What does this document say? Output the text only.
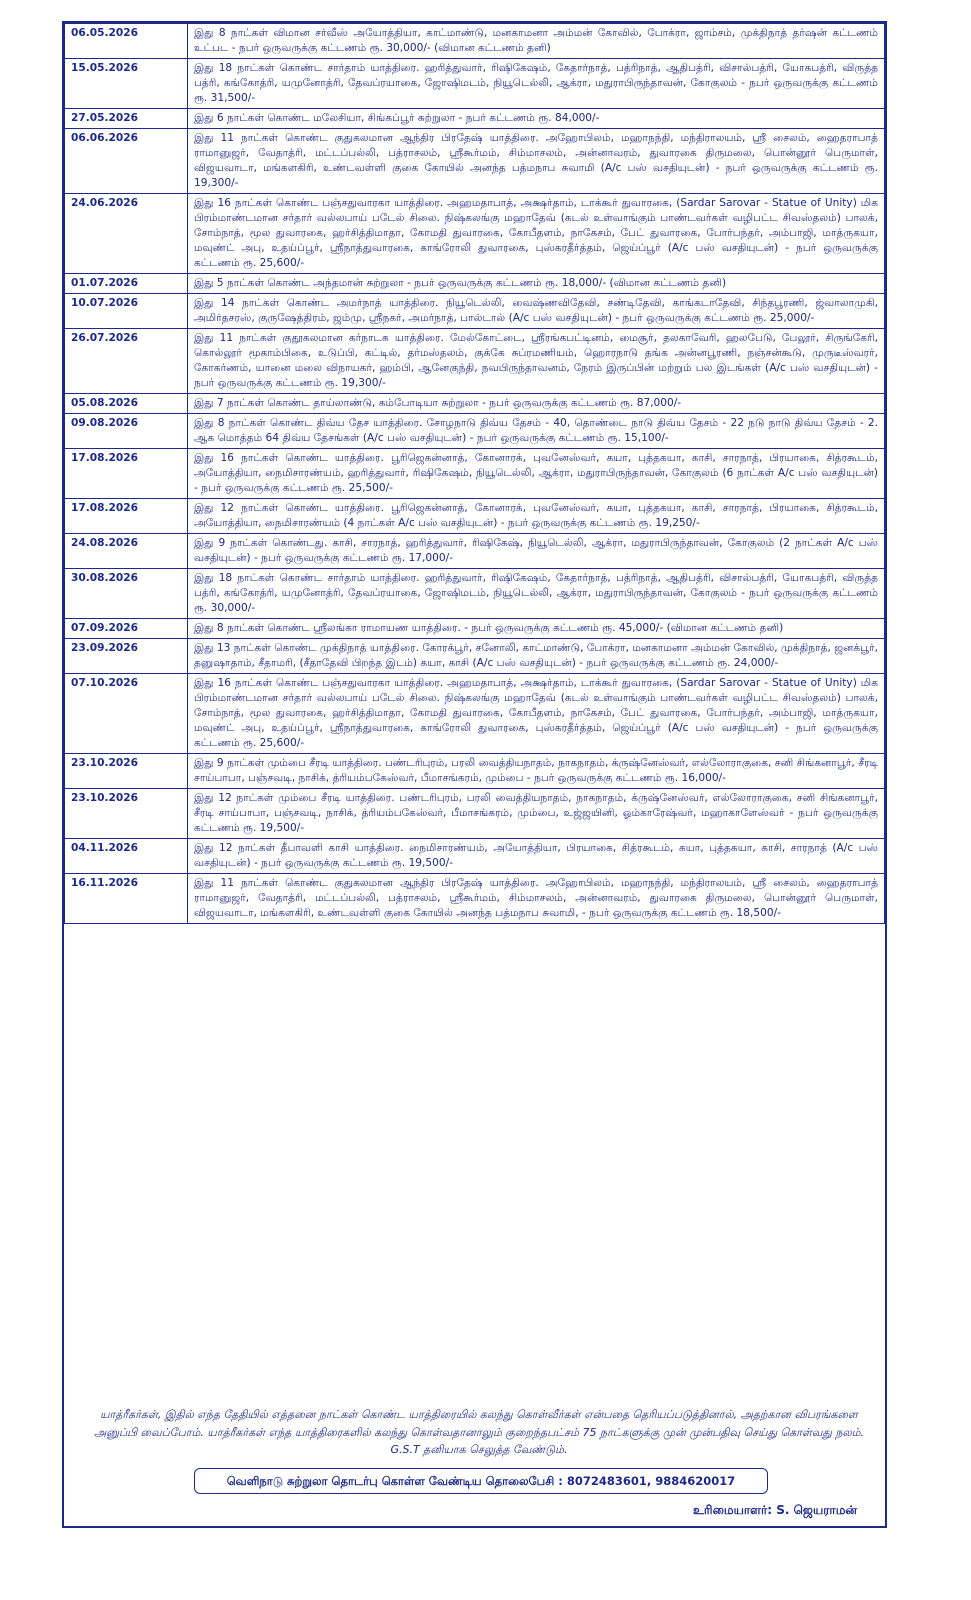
06.05.2026	இது 8 நாட்கள் விமான சர்வீஸ் அயோத்தியா, காட்மாண்டு, மனகாமனா அம்மன் கோவில், போக்ரா, ஜாம்சம், முக்திநாத் தர்ஷன் கட்டணம் உட்பட - நபர் ஒருவருக்கு கட்டணம் ரூ. 30,000/- (விமான கட்டணம் தனி)
15.05.2026	இது 18 நாட்கள் கொண்ட சார்தாம் யாத்திரை. ஹரித்துவார், ரிஷிகேஷம், கேதார்நாத், பத்ரிநாத், ஆதிபத்ரி, விசால்பத்ரி, யோகபத்ரி, விருத்த பத்ரி, கங்கோத்ரி, யமுனோத்ரி, தேவப்ரயாகை, ஜோஷிமடம், நியூடெல்லி, ஆக்ரா, மதுராபிருந்தாவன், கோகுலம் - நபர் ஒருவருக்கு கட்டணம் ரூ. 31,500/-
27.05.2026	இது 6 நாட்கள் கொண்ட மலேசியா, சிங்கப்பூர் சுற்றுலா - நபர் கட்டணம் ரூ. 84,000/-
06.06.2026	இது 11 நாட்கள் கொண்ட குதுகலமான ஆந்திர பிரதேஷ் யாத்திரை. அஹோபிலம், மஹாநந்தி, மந்திராலயம், ஸ்ரீ சைலம், ஹைதராபாத் ராமானுஜர், வேதாத்ரி, மட்டப்பல்லி, பத்ராசலம், ஸ்ரீகூர்மம், சிம்மாசலம், அன்னாவரம், துவாரகை திருமலை, பொன்னூர் பெருமாள், விஜயவாடா, மங்களகிரி, உண்டவள்ளி குகை கோயில் அனந்த பத்மநாப சுவாமி (A/c பஸ் வசதியுடன்) - நபர் ஒருவருக்கு கட்டணம் ரூ. 19,300/-
24.06.2026	இது 16 நாட்கள் கொண்ட பஞ்சதுவாரகா யாத்திரை. அஹமதாபாத், அக்ஷர்தாம், டாக்கூர் துவாரகை, (Sardar Sarovar - Statue of Unity) மிக பிரம்மாண்டமான சர்தார் வல்லபாய் படேல் சிலை. நிஷ்கலங்கு மஹாதேவ் (கடல் உள்வாங்கும் பாண்டவர்கள் வழிபட்ட சிவஸ்தலம்) பாலக், சோம்நாத், மூல துவாரகை, ஹர்சித்திமாதா, கோமதி துவாரகை, கோபீதளம், நாகேசம், பேட் துவாரகை, போர்பந்தர், அம்பாஜி, மாத்ருகயா, மவுண்ட் அபு, உதய்ப்பூர், ஸ்ரீநாத்துவாரகை, காங்ரோலி துவாரகை, புஸ்கரதீர்த்தம், ஜெய்ப்பூர் (A/c பஸ் வசதியுடன்) - நபர் ஒருவருக்கு கட்டணம் ரூ. 25,600/-
01.07.2026	இது 5 நாட்கள் கொண்ட அந்தமான் சுற்றுலா - நபர் ஒருவருக்கு கட்டணம் ரூ. 18,000/- (விமான கட்டணம் தனி)
10.07.2026	இது 14 நாட்கள் கொண்ட அமர்நாத் யாத்திரை. நியூடெல்லி, வைஷ்ணவிதேவி, சண்டிதேவி, காங்கடாதேவி, சிந்தபூரணி, ஜ்வாலாமுகி, அமிர்தசரஸ், குருஷேத்திரம், ஜம்மு, ஸ்ரீநகர், அமர்நாத், பால்டால் (A/c பஸ் வசதியுடன்) - நபர் ஒருவருக்கு கட்டணம் ரூ. 25,000/-
26.07.2026	இது 11 நாட்கள் குதூகலமான கர்நாடக யாத்திரை. மேல்கோட்டை, ஸ்ரீரங்கபட்டினம், மைசூர், தலகாவேரி, ஹலபேடு, பேலூர், சிருங்கேரி, கொல்லூர் மூகாம்பிகை, உடுப்பி, கட்டில், தர்மஸ்தலம், குக்கே சுப்ரமணியம், ஹொரநாடு தங்க அன்னபூரணி, நஞ்சன்கூடு, முருடீஸ்வரர், கோகர்ணம், யானை மலை விநாயகர், ஹம்பி, ஆனேகுந்தி, நவபிருந்தாவனம், நேரம் இருப்பின் மற்றும் பல இடங்கள் (A/c பஸ் வசதியுடன்) - நபர் ஒருவருக்கு கட்டணம் ரூ. 19,300/-
05.08.2026	இது 7 நாட்கள் கொண்ட தாய்லாண்டு, கம்போடியா சுற்றுலா - நபர் ஒருவருக்கு கட்டணம் ரூ. 87,000/-
09.08.2026	இது 8 நாட்கள் கொண்ட திவ்ய தேச யாத்திரை. சோழநாடு திவ்ய தேசம் - 40, தொண்டை நாடு திவ்ய தேசம் - 22 நடு நாடு திவ்ய தேசம் - 2. ஆக மொத்தம் 64 திவ்ய தேசங்கள் (A/c பஸ் வசதியுடன்) - நபர் ஒருவருக்கு கட்டணம் ரூ. 15,100/-
17.08.2026	இது 16 நாட்கள் கொண்ட யாத்திரை. பூரிஜெகன்னாத், கோனாரக், புவனேஸ்வர், கயா, புத்தகயா, காசி, சாரநாத், பிரயாகை, சித்ரகூடம், அயோத்தியா, நைமிசாரண்யம், ஹரித்துவார், ரிஷிகேஷம், நியூடெல்லி, ஆக்ரா, மதுராபிருந்தாவன், கோகுலம் (6 நாட்கள் A/c பஸ் வசதியுடன்) - நபர் ஒருவருக்கு கட்டணம் ரூ. 25,500/-
17.08.2026	இது 12 நாட்கள் கொண்ட யாத்திரை. பூரிஜெகன்னாத், கோனாரக், புவனேஸ்வர், கயா, புத்தகயா, காசி, சாரநாத், பிரயாகை, சித்ரகூடம், அயோத்தியா, நைமிசாரண்யம் (4 நாட்கள் A/c பஸ் வசதியுடன்) - நபர் ஒருவருக்கு கட்டணம் ரூ. 19,250/-
24.08.2026	இது 9 நாட்கள் கொண்டது. காசி, சாரநாத், ஹரித்துவார், ரிஷிகேஷ், நியூடெல்லி, ஆக்ரா, மதுராபிருந்தாவன், கோகுலம் (2 நாட்கள் A/c பஸ் வசதியுடன்) - நபர் ஒருவருக்கு கட்டணம் ரூ. 17,000/-
30.08.2026	இது 18 நாட்கள் கொண்ட சார்தாம் யாத்திரை. ஹரித்துவார், ரிஷிகேஷம், கேதார்நாத், பத்ரிநாத், ஆதிபத்ரி, விசால்பத்ரி, யோகபத்ரி, விருத்த பத்ரி, கங்கோத்ரி, யமுனோத்ரி, தேவப்ரயாகை, ஜோஷிமடம், நியூடெல்லி, ஆக்ரா, மதுராபிருந்தாவன், கோகுலம் - நபர் ஒருவருக்கு கட்டணம் ரூ. 30,000/-
07.09.2026	இது 8 நாட்கள் கொண்ட ஸ்ரீலங்கா ராமாயண யாத்திரை. - நபர் ஒருவருக்கு கட்டணம் ரூ. 45,000/- (விமான கட்டணம் தனி)
23.09.2026	இது 13 நாட்கள் கொண்ட முக்திநாத் யாத்திரை. கோரக்பூர், சனோலி, காட்மாண்டு, போக்ரா, மனகாமனா அம்மன் கோவில், முக்திநாத், ஜனக்பூர், தனுஷாதாம், சீதாமரி, (சீதாதேவி பிறந்த இடம்) கயா, காசி (A/c பஸ் வசதியுடன்) - நபர் ஒருவருக்கு கட்டணம் ரூ. 24,000/-
07.10.2026	இது 16 நாட்கள் கொண்ட பஞ்சதுவாரகா யாத்திரை. அஹமதாபாத், அக்ஷர்தாம், டாக்கூர் துவாரகை, (Sardar Sarovar - Statue of Unity) மிக பிரம்மாண்டமான சர்தார் வல்லபாய் படேல் சிலை. நிஷ்கலங்கு மஹாதேவ் (கடல் உள்வாங்கும் பாண்டவர்கள் வழிபட்ட சிவஸ்தலம்) பாலக், சோம்நாத், மூல துவாரகை, ஹர்சித்திமாதா, கோமதி துவாரகை, கோபீதளம், நாகேசம், பேட் துவாரகை, போர்பந்தர், அம்பாஜி, மாத்ருகயா, மவுண்ட் அபு, உதய்ப்பூர், ஸ்ரீநாத்துவாரகை, காங்ரோலி துவாரகை, புஸ்கரதீர்த்தம், ஜெய்ப்பூர் (A/c பஸ் வசதியுடன்) - நபர் ஒருவருக்கு கட்டணம் ரூ. 25,600/-
23.10.2026	இது 9 நாட்கள் மும்பை சீரடி யாத்திரை. பண்டரிபுரம், பரலி வைத்தியநாதம், நாகநாதம், க்ருஷ்னேஸ்வர், எல்லோராகுகை, சனி சிங்கனாபூர், சீரடி சாய்பாபா, பஞ்சவடி, நாசிக், த்ரியம்பகேஸ்வர், பீமாசங்கரம், மும்பை - நபர் ஒருவருக்கு கட்டணம் ரூ. 16,000/-
23.10.2026	இது 12 நாட்கள் மும்பை சீரடி யாத்திரை. பண்டரிபுரம், பரலி வைத்தியநாதம், நாகநாதம், க்ருஷ்னேஸ்வர், எல்லோராகுகை, சனி சிங்கனாபூர், சீரடி சாய்பாபா, பஞ்சவடி, நாசிக், த்ரியம்பகேஸ்வர், பீமாசங்கரம், மும்பை, உஜ்ஜயினி, ஓம்காரேஷ்வர், மஹாகாளேஸ்வர் - நபர் ஒருவருக்கு கட்டணம் ரூ. 19,500/-
04.11.2026	இது 12 நாட்கள் தீபாவளி காசி யாத்திரை. நைமிசாரண்யம், அயோத்தியா, பிரயாகை, சித்ரகூடம், கயா, புத்தகயா, காசி, சாரநாத் (A/c பஸ் வசதியுடன்) - நபர் ஒருவருக்கு கட்டணம் ரூ. 19,500/-
16.11.2026	இது 11 நாட்கள் கொண்ட குதுகலமான ஆந்திர பிரதேஷ் யாத்திரை. அஹோபிலம், மஹாநந்தி, மந்திராலயம், ஸ்ரீ சைலம், ஹைதராபாத் ராமானுஜர், வேதாத்ரி, மட்டப்பல்லி, பத்ராசலம், ஸ்ரீகூர்மம், சிம்மாசலம், அன்னாவரம், துவாரகை திருமலை, பொன்னூர் பெருமாள், விஜயவாடா, மங்களகிரி, உண்டவள்ளி குகை கோயில் அனந்த பத்மநாப சுவாமி, - நபர் ஒருவருக்கு கட்டணம் ரூ. 18,500/-
யாத்ரீகர்கள், இதில் எந்த தேதியில் எத்தனை நாட்கள் கொண்ட யாத்திரையில் கலந்து கொள்வீர்கள் என்பதை தெரியப்படுத்தினால், அதற்கான விபரங்களை அனுப்பி வைப்போம். யாத்ரீகர்கள் எந்த யாத்திரைகளில் கலந்து கொள்வதானாலும் குறைந்தபட்சம் 75 நாட்களுக்கு முன் முன்பதிவு செய்து கொள்வது நலம். G.S.T தனியாக செலுத்த வேண்டும்.
வெளிநாடு சுற்றுலா தொடர்பு கொள்ள வேண்டிய தொலைபேசி : 8072483601, 9884620017
உரிமையாளர்: S. ஜெயராமன்
